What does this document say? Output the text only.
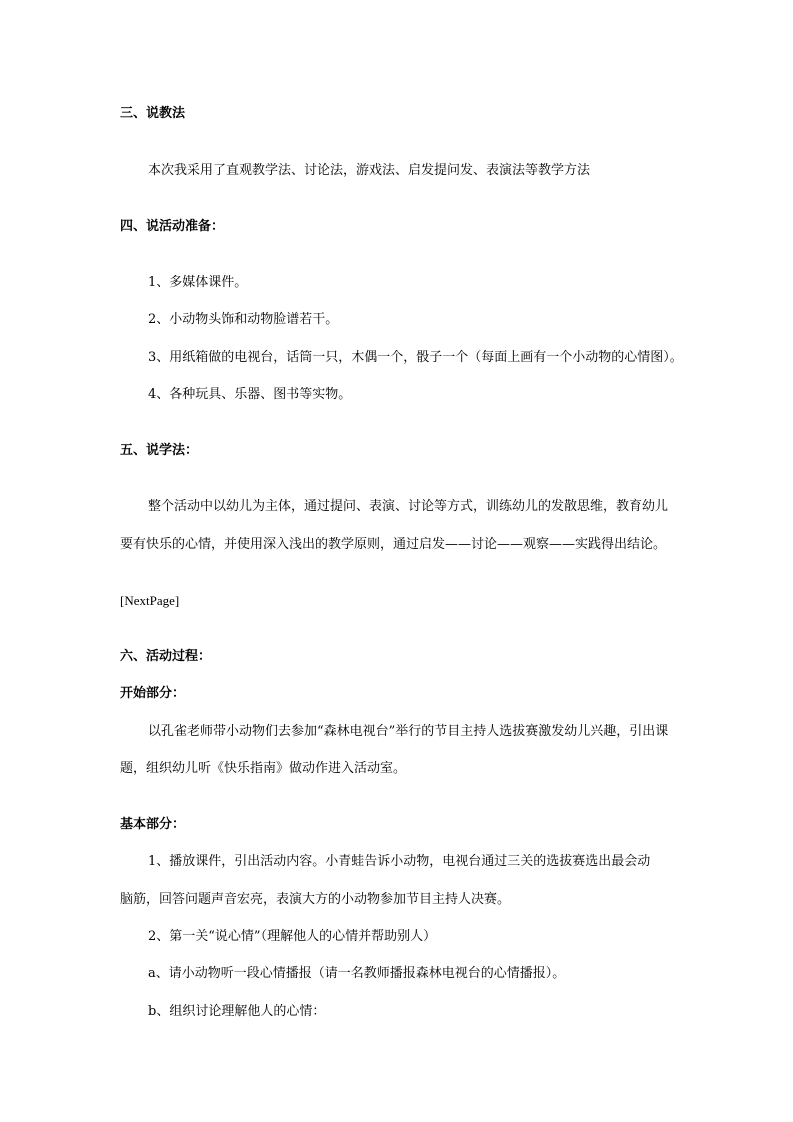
三、说教法
本次我采用了直观教学法、讨论法，游戏法、启发提问发、表演法等教学方法
四、说活动准备：
1、多媒体课件。
2、小动物头饰和动物脸谱若干。
3、用纸箱做的电视台，话筒一只，木偶一个，骰子一个（每面上画有一个小动物的心情图）。
4、各种玩具、乐器、图书等实物。
五、说学法：
整个活动中以幼儿为主体，通过提问、表演、讨论等方式，训练幼儿的发散思维，教育幼儿
要有快乐的心情，并使用深入浅出的教学原则，通过启发——讨论——观察——实践得出结论。
[NextPage]
六、活动过程：
开始部分：
以孔雀老师带小动物们去参加“森林电视台”举行的节目主持人选拔赛激发幼儿兴趣，引出课
题，组织幼儿听《快乐指南》做动作进入活动室。
基本部分：
1、播放课件，引出活动内容。小青蛙告诉小动物，电视台通过三关的选拔赛选出最会动
脑筋，回答问题声音宏亮，表演大方的小动物参加节目主持人决赛。
2、第一关“说心情”（理解他人的心情并帮助别人）
a、请小动物听一段心情播报（请一名教师播报森林电视台的心情播报）。
b、组织讨论理解他人的心情：
